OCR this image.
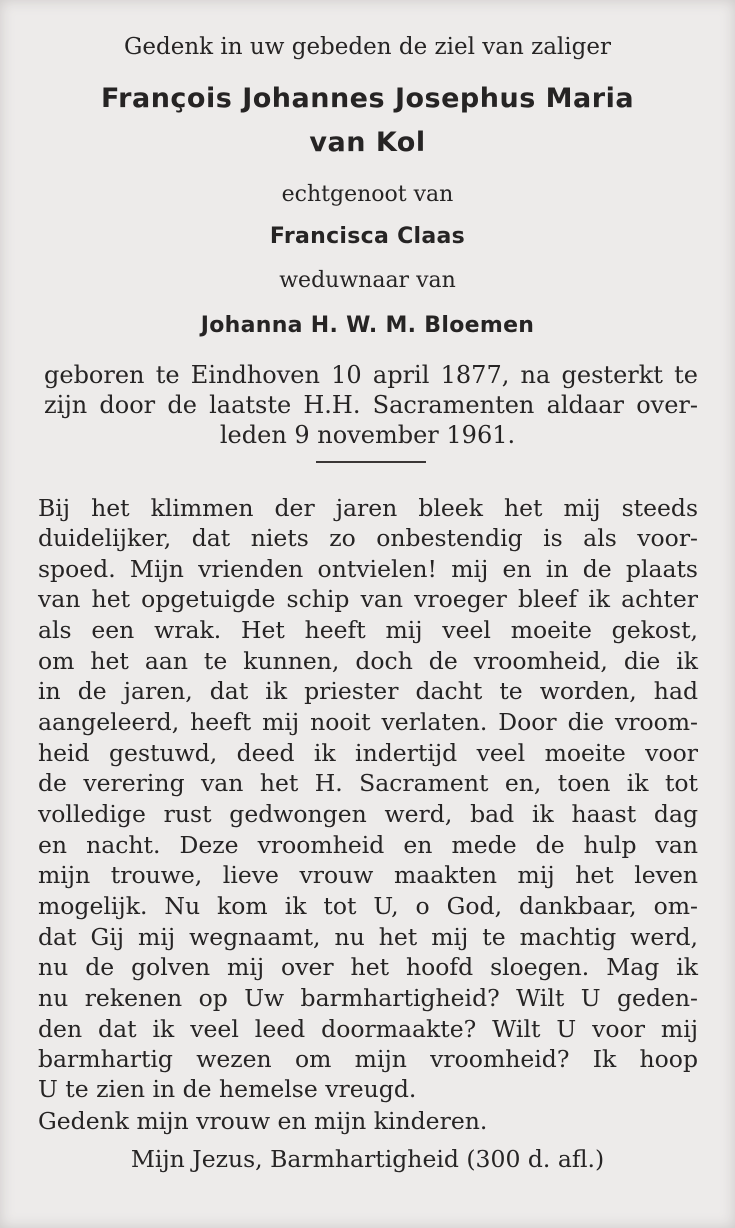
Gedenk in uw gebeden de ziel van zaliger
François Johannes Josephus Maria
van Kol
echtgenoot van
Francisca Claas
weduwnaar van
Johanna H. W. M. Bloemen
geboren te Eindhoven 10 april 1877, na gesterkt te
zijn door de laatste H.H. Sacramenten aldaar over-
leden 9 november 1961.
Bij het klimmen der jaren bleek het mij steeds
duidelijker, dat niets zo onbestendig is als voor-
spoed. Mijn vrienden ontvielen! mij en in de plaats
van het opgetuigde schip van vroeger bleef ik achter
als een wrak. Het heeft mij veel moeite gekost,
om het aan te kunnen, doch de vroomheid, die ik
in de jaren, dat ik priester dacht te worden, had
aangeleerd, heeft mij nooit verlaten. Door die vroom-
heid gestuwd, deed ik indertijd veel moeite voor
de verering van het H. Sacrament en, toen ik tot
volledige rust gedwongen werd, bad ik haast dag
en nacht. Deze vroomheid en mede de hulp van
mijn trouwe, lieve vrouw maakten mij het leven
mogelijk. Nu kom ik tot U, o God, dankbaar, om-
dat Gij mij wegnaamt, nu het mij te machtig werd,
nu de golven mij over het hoofd sloegen. Mag ik
nu rekenen op Uw barmhartigheid? Wilt U geden-
den dat ik veel leed doormaakte? Wilt U voor mij
barmhartig wezen om mijn vroomheid? Ik hoop
U te zien in de hemelse vreugd.
Gedenk mijn vrouw en mijn kinderen.
Mijn Jezus, Barmhartigheid (300 d. afl.)
